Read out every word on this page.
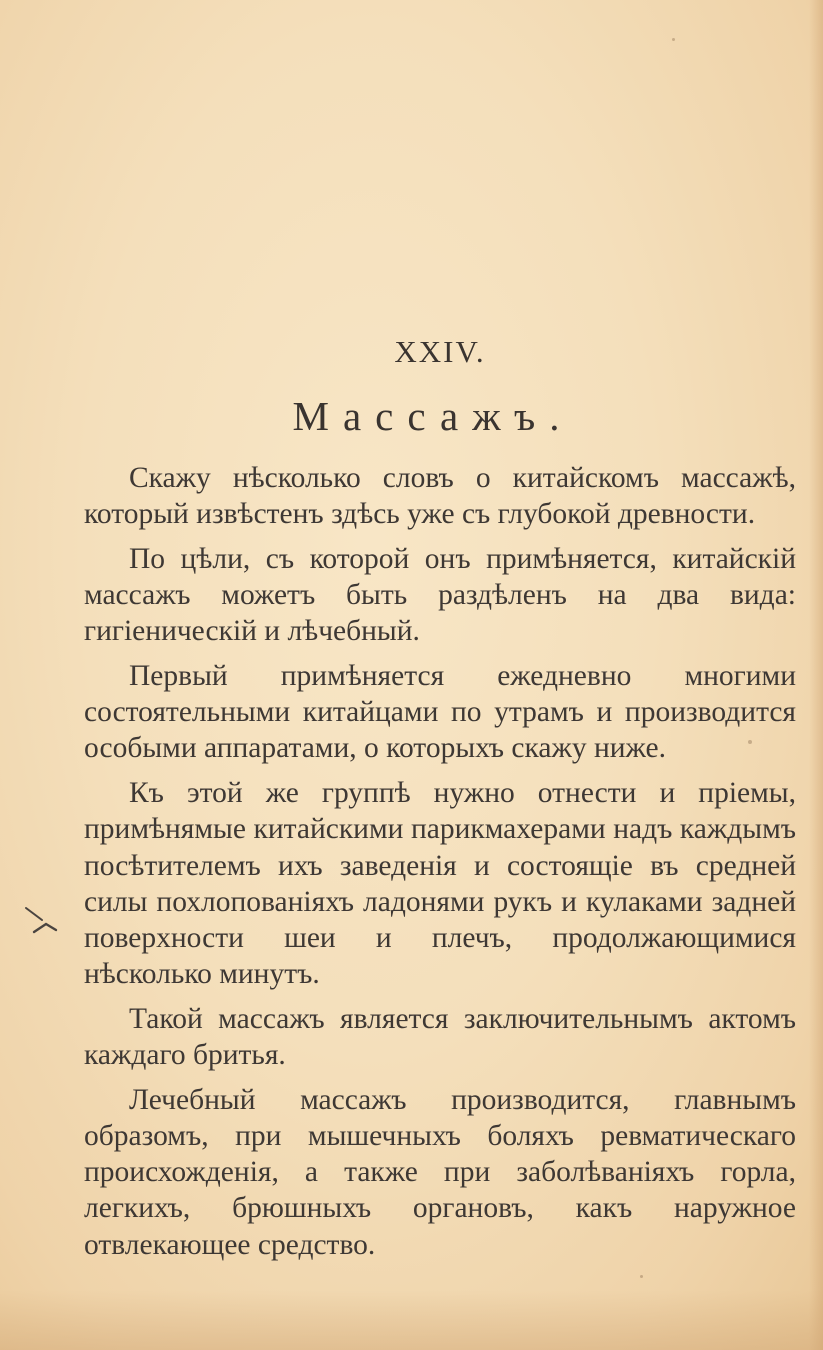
XXIV.
Массажъ.

Скажу нѣсколько словъ о китайскомъ массажѣ, который извѣстенъ здѣсь уже съ глубокой древности.

По цѣли, съ которой онъ примѣняется, китайскій массажъ можетъ быть раздѣленъ на два вида: гигіеническій и лѣчебный.

Первый примѣняется ежедневно многими состоятельными китайцами по утрамъ и производится особыми аппаратами, о которыхъ скажу ниже.

Къ этой же группѣ нужно отнести и пріемы, примѣнямые китайскими парикмахерами надъ каждымъ посѣтителемъ ихъ заведенія и состоящіе въ средней силы похлопованіяхъ ладонями рукъ и кулаками задней поверхности шеи и плечъ, продолжающимися нѣсколько минутъ.

Такой массажъ является заключительнымъ актомъ каждаго бритья.

Лечебный массажъ производится, главнымъ образомъ, при мышечныхъ боляхъ ревматическаго происхожденія, а также при заболѣваніяхъ горла, легкихъ, брюшныхъ органовъ, какъ наружное отвлекающее средство.
